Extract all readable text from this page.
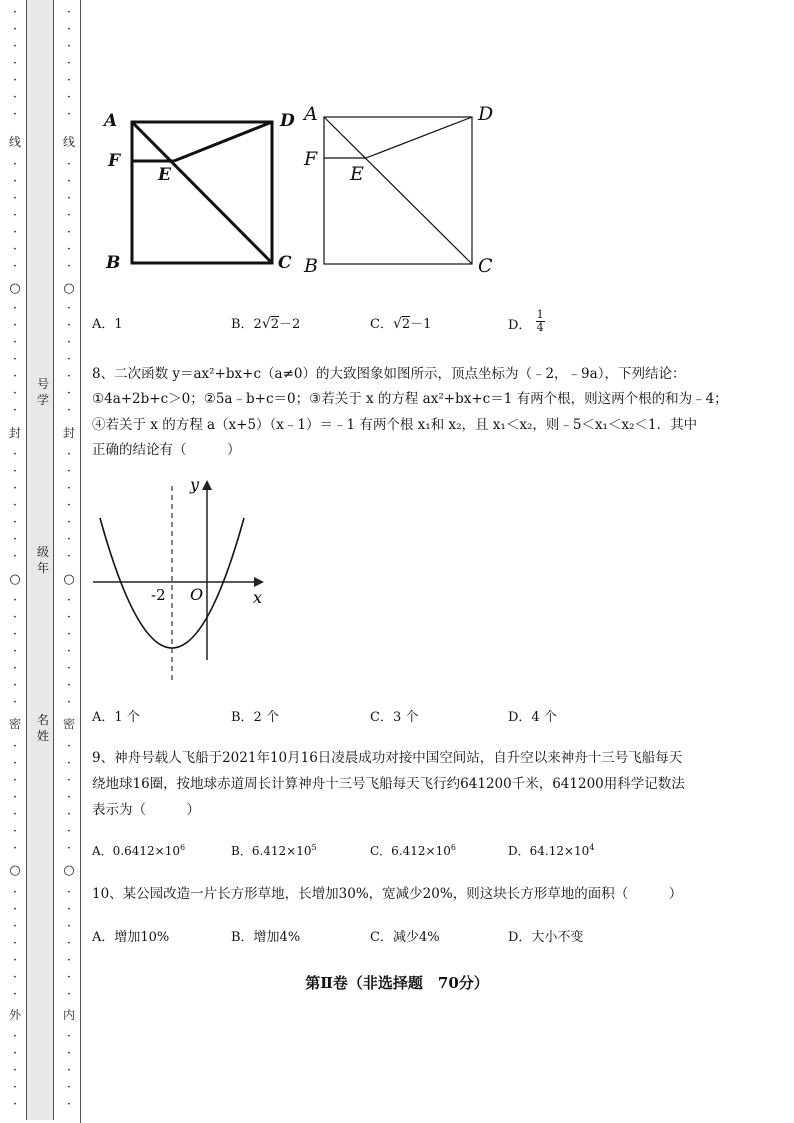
·
·
·
·
·
·
·
线
·
·
·
·
·
·
·
○
·
·
·
·
·
·
·
封
·
·
·
·
·
·
·
○
·
·
·
·
·
·
·
密
·
·
·
·
·
·
·
○
·
·
·
·
·
·
·
外
·
·
·
·
·
·
·
·
·
·
·
·
线
·
·
·
·
·
·
·
○
·
·
·
·
·
·
·
封
·
·
·
·
·
·
·
○
·
·
·
·
·
·
·
密
·
·
·
·
·
·
·
○
·
·
·
·
·
·
·
内
·
·
·
·
·
号学
级年
名姓
A	D
F
E
B	C
A	D
F
E
B	C
A．1	B．2√2－2	C．√2－1	D． $\frac{1}{4}$
8、二次函数 y＝ax²+bx+c（a≠0）的大致图象如图所示，顶点坐标为（﹣2，﹣9a），下列结论：
①4a+2b+c＞0；②5a﹣b+c＝0；③若关于 x 的方程 ax²+bx+c＝1 有两个根，则这两个根的和为﹣4；
④若关于 x 的方程 a（x+5）（x﹣1）＝﹣1 有两个根 x₁和 x₂，且 x₁＜x₂，则﹣5＜x₁＜x₂＜1．其中
正确的结论有（　　　）
y
x
O
-2
A．1 个	B．2 个	C．3 个	D．4 个
9、神舟号载人飞船于2021年10月16日凌晨成功对接中国空间站，自升空以来神舟十三号飞船每天
绕地球16圈，按地球赤道周长计算神舟十三号飞船每天飞行约641200千米，641200用科学记数法
表示为（　　　）
A．$0.6412\times 10^6$	B．$6.412\times 10^5$	C．$6.412\times 10^6$	D．$64.12\times 10^4$
10、某公园改造一片长方形草地，长增加30%，宽减少20%，则这块长方形草地的面积（　　　）
A．增加10%	B．增加4%	C．减少4%	D．大小不变
第Ⅱ卷（非选择题　70分）
